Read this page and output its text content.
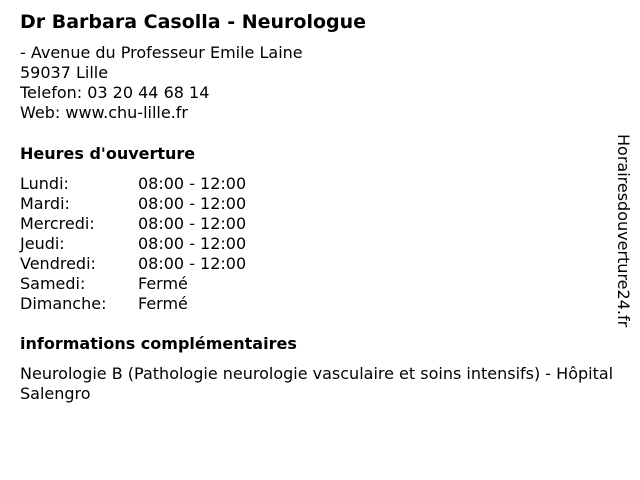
Dr Barbara Casolla - Neurologue
- Avenue du Professeur Emile Laine
59037 Lille
Telefon: 03 20 44 68 14
Web: www.chu-lille.fr
Heures d'ouverture
Lundi:	08:00 - 12:00
Mardi:	08:00 - 12:00
Mercredi:	08:00 - 12:00
Jeudi:	08:00 - 12:00
Vendredi:	08:00 - 12:00
Samedi:	Fermé
Dimanche:	Fermé
informations complémentaires
Neurologie B (Pathologie neurologie vasculaire et soins intensifs) - Hôpital Salengro
Horairesdouverture24.fr
